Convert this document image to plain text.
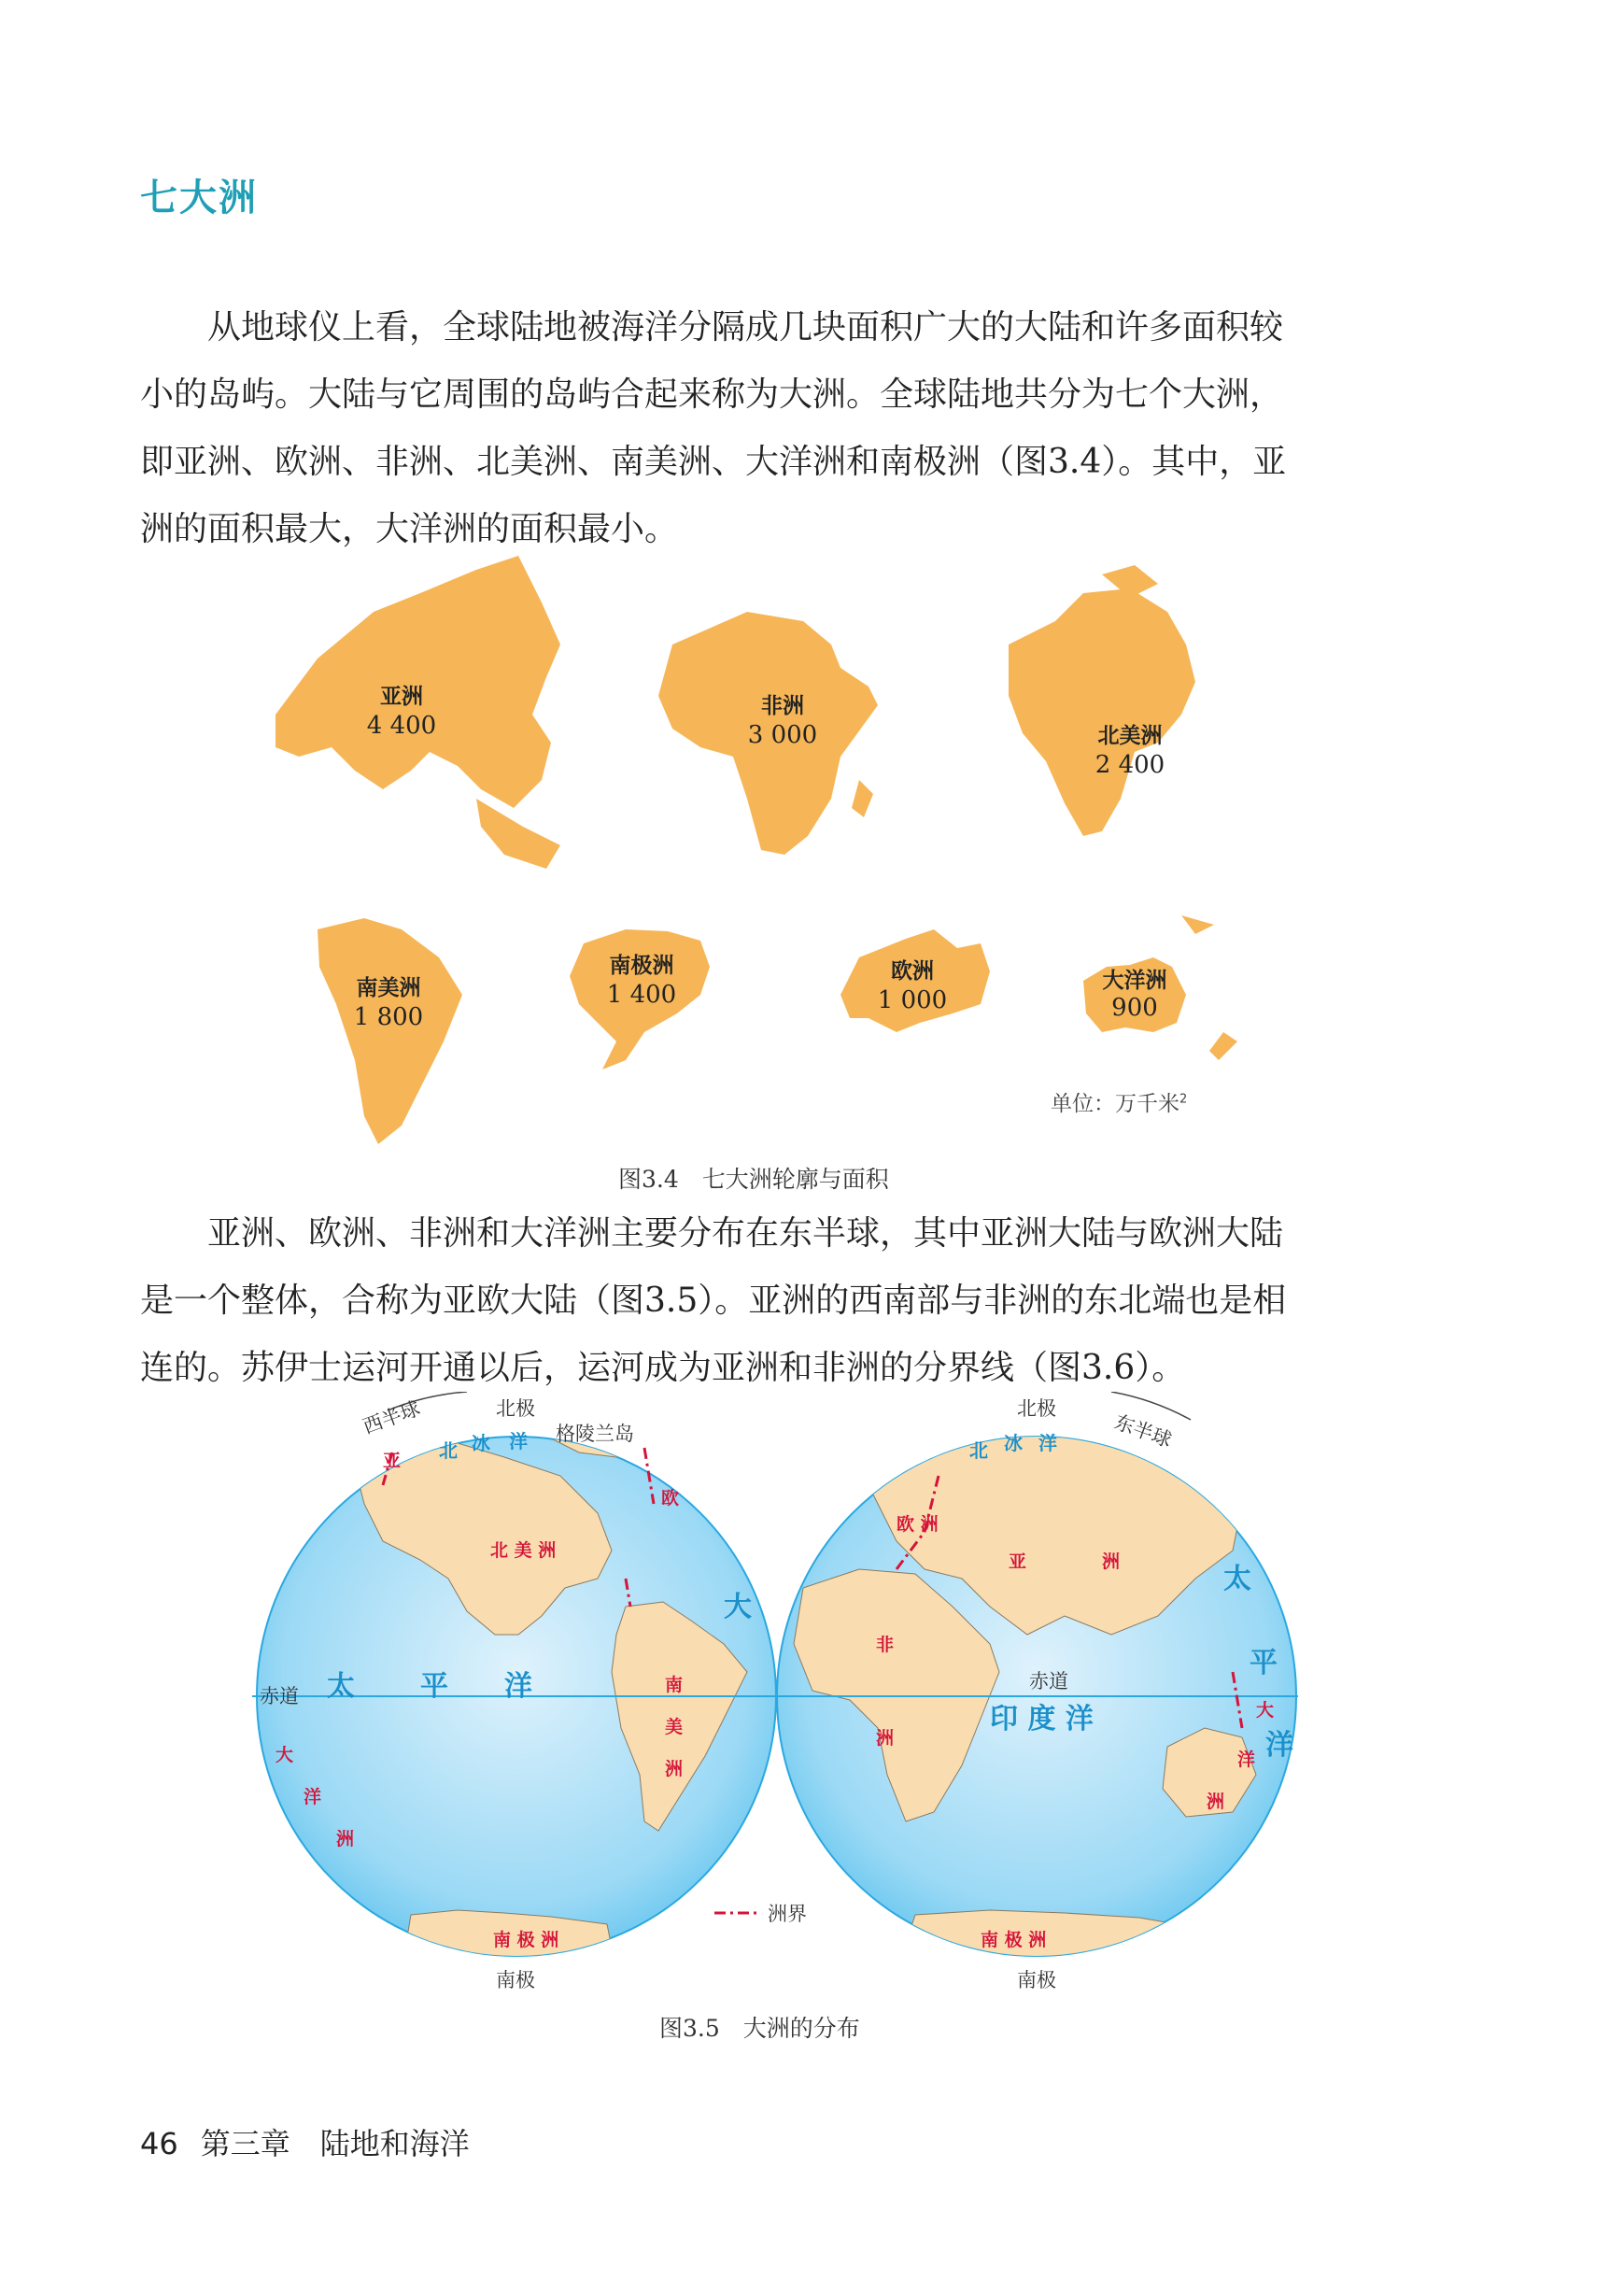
七大洲

从地球仪上看，全球陆地被海洋分隔成几块面积广大的大陆和许多面积较
小的岛屿。大陆与它周围的岛屿合起来称为大洲。全球陆地共分为七个大洲，
即亚洲、欧洲、非洲、北美洲、南美洲、大洋洲和南极洲（图3.4）。其中，亚
洲的面积最大，大洋洲的面积最小。

亚洲
4 400
非洲
3 000	北美洲
2 400
南美洲
1 800
南极洲
1 400
欧洲
1 000
大洋洲
900
单位：万千米$^2$
图3.4　七大洲轮廓与面积

亚洲、欧洲、非洲和大洋洲主要分布在东半球，其中亚洲大陆与欧洲大陆
是一个整体，合称为亚欧大陆（图3.5）。亚洲的西南部与非洲的东北端也是相
连的。苏伊士运河开通以后，运河成为亚洲和非洲的分界线（图3.6）。

北极
南极
西半球
赤道
格陵兰岛
北 冰 洋
太 平 洋
大
北 美 洲
南
美
洲
大
洋
洲
亚
欧
南 极 洲
北极
南极
东半球
赤道
北 冰 洋
欧 洲
亚	洲
非
洲
印 度 洋
太
平
洋
大
洋
洲
南 极 洲
洲界
图3.5　大洲的分布
46 第三章　陆地和海洋
